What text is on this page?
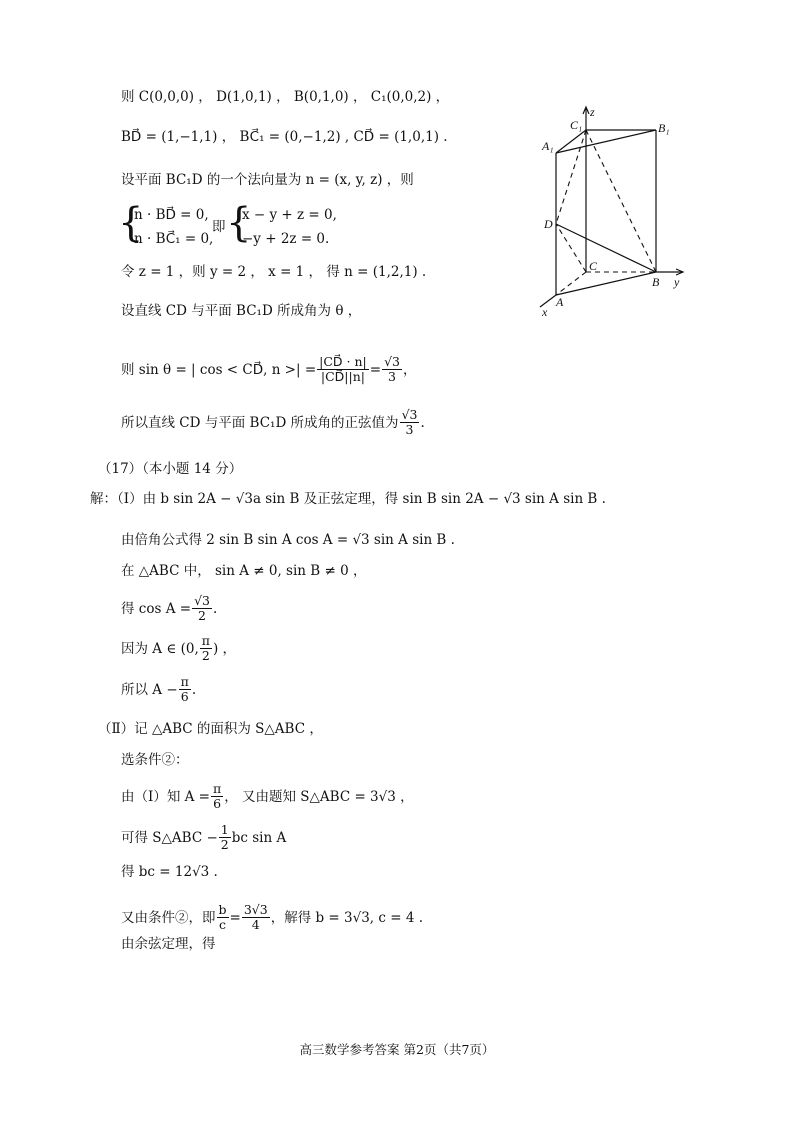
则 C(0,0,0) ， D(1,0,1) ， B(0,1,0) ， C₁(0,0,2) ，
BD⃗ = (1,−1,1) ， BC⃗₁ = (0,−1,2) , CD⃗ = (1,0,1) .
设平面 BC₁D 的一个法向量为 n = (x, y, z) ，则
{
n · BD⃗ = 0,
n · BC⃗₁ = 0,
即 {
x − y + z = 0,
−y + 2z = 0.
令 z = 1 ，则 y = 2 ， x = 1 ， 得 n = (1,2,1) .
设直线 CD 与平面 BC₁D 所成角为 θ ，
则 sin θ = | cos < CD⃗, n >| = $\frac{|CD⃗ \cdot n|}{|CD⃗||n|} = \frac{√3}{3}$ ，
所以直线 CD 与平面 BC₁D 所成角的正弦值为 $\frac{√3}{3}$ .
（17）（本小题 14 分）
解：（Ⅰ）由 b sin 2A − √3a sin B 及正弦定理，得 sin B sin 2A − √3 sin A sin B .
由倍角公式得 2 sin B sin A cos A = √3 sin A sin B .
在 △ABC 中， sin A ≠ 0, sin B ≠ 0 ，
得 $\cos A = \frac{√3}{2}$ .
因为 A ∈ (0, $\frac{\pi}{2}$ ) ，
所以 $A - \frac{\pi}{6}$ .
（Ⅱ）记 △ABC 的面积为 S△ABC ，
选条件②：
由（Ⅰ）知 $A = \frac{\pi}{6}$ ， 又由题知 S△ABC = 3√3 ，
可得 S△ABC − $\frac{1}{2}$ bc sin A
得 bc = 12√3 .
又由条件②，即 $\frac{b}{c} = \frac{3√3}{4}$ ，解得 b = 3√3, c = 4 .
由余弦定理，得
高三数学参考答案 第2页（共7页）
z
C₁	B₁
A₁
D
C
B y
A
x
